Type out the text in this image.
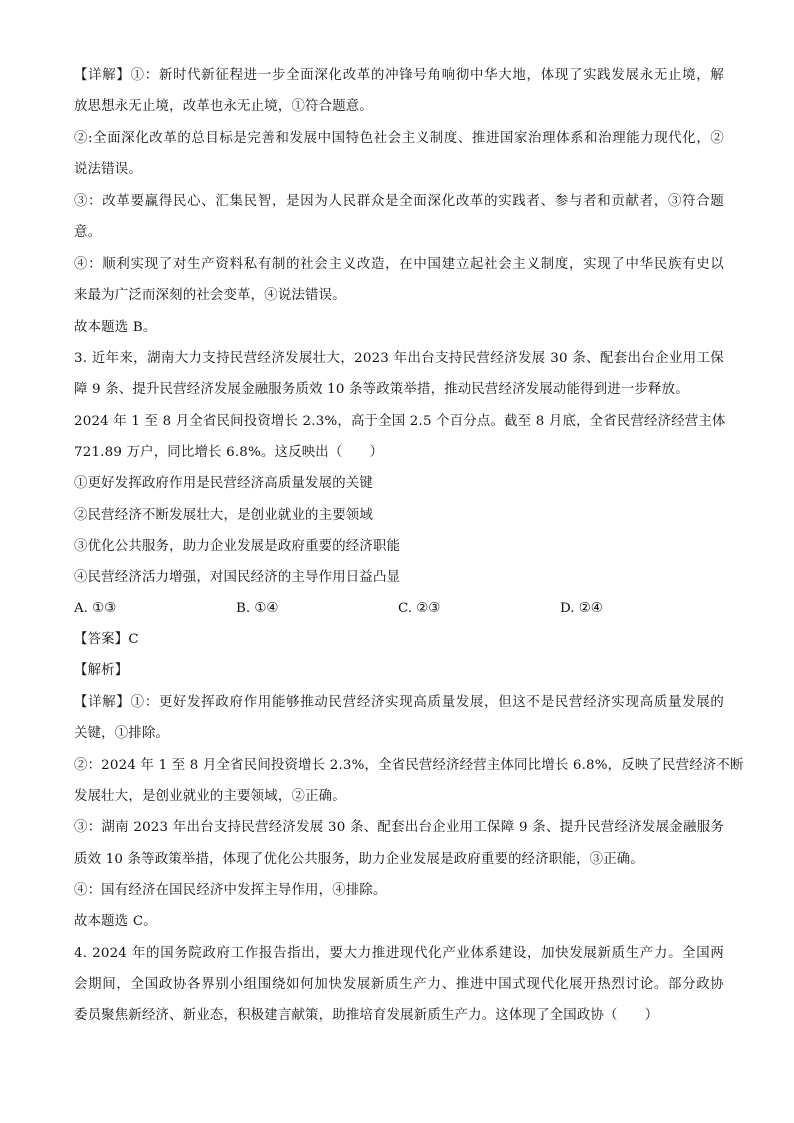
【详解】①：新时代新征程进一步全面深化改革的冲锋号角响彻中华大地，体现了实践发展永无止境，解
放思想永无止境，改革也永无止境，①符合题意。
②:全面深化改革的总目标是完善和发展中国特色社会主义制度、推进国家治理体系和治理能力现代化，②
说法错误。
③：改革要赢得民心、汇集民智，是因为人民群众是全面深化改革的实践者、参与者和贡献者，③符合题
意。
④：顺利实现了对生产资料私有制的社会主义改造，在中国建立起社会主义制度，实现了中华民族有史以
来最为广泛而深刻的社会变革，④说法错误。
故本题选 B。
3. 近年来，湖南大力支持民营经济发展壮大，2023 年出台支持民营经济发展 30 条、配套出台企业用工保
障 9 条、提升民营经济发展金融服务质效 10 条等政策举措，推动民营经济发展动能得到进一步释放。
2024 年 1 至 8 月全省民间投资增长 2.3%，高于全国 2.5 个百分点。截至 8 月底，全省民营经济经营主体
721.89 万户，同比增长 6.8%。这反映出（　　）
①更好发挥政府作用是民营经济高质量发展的关键
②民营经济不断发展壮大，是创业就业的主要领域
③优化公共服务，助力企业发展是政府重要的经济职能
④民营经济活力增强，对国民经济的主导作用日益凸显
A. ①③	B. ①④	C. ②③	D. ②④
【答案】C
【解析】
【详解】①：更好发挥政府作用能够推动民营经济实现高质量发展，但这不是民营经济实现高质量发展的
关键，①排除。
②：2024 年 1 至 8 月全省民间投资增长 2.3%，全省民营经济经营主体同比增长 6.8%，反映了民营经济不断
发展壮大，是创业就业的主要领域，②正确。
③：湖南 2023 年出台支持民营经济发展 30 条、配套出台企业用工保障 9 条、提升民营经济发展金融服务
质效 10 条等政策举措，体现了优化公共服务，助力企业发展是政府重要的经济职能，③正确。
④：国有经济在国民经济中发挥主导作用，④排除。
故本题选 C。
4. 2024 年的国务院政府工作报告指出，要大力推进现代化产业体系建设，加快发展新质生产力。全国两
会期间，全国政协各界别小组围绕如何加快发展新质生产力、推进中国式现代化展开热烈讨论。部分政协
委员聚焦新经济、新业态，积极建言献策，助推培育发展新质生产力。这体现了全国政协（　　）
